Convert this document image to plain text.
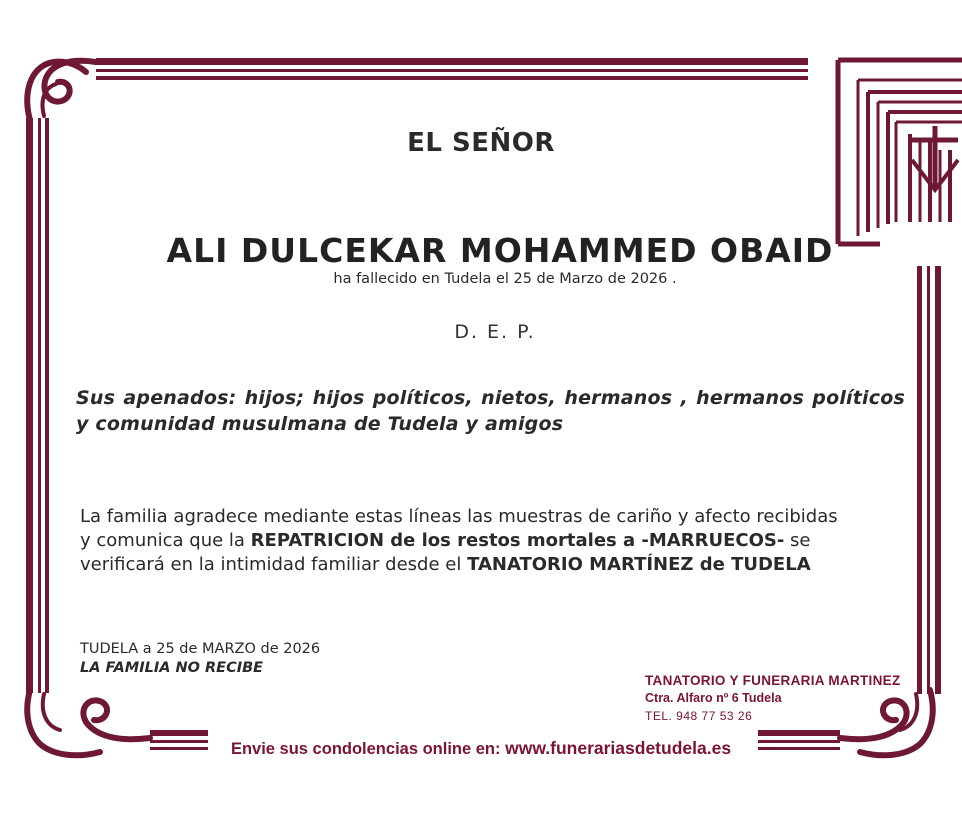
EL SEÑOR
ALI DULCEKAR MOHAMMED OBAID
ha fallecido en Tudela el 25 de Marzo de 2026 .
D. E. P.
Sus apenados: hijos; hijos políticos, nietos, hermanos , hermanos políticos y comunidad musulmana de Tudela y amigos
La familia agradece mediante estas líneas las muestras de cariño y afecto recibidas
y comunica que la REPATRICION de los restos mortales a -MARRUECOS- se
verificará en la intimidad familiar desde el TANATORIO MARTÍNEZ de TUDELA
TUDELA a 25 de MARZO de 2026
LA FAMILIA NO RECIBE
TANATORIO Y FUNERARIA MARTINEZ
Ctra. Alfaro nº 6 Tudela
TEL. 948 77 53 26
Envie sus condolencias online en: www.funerariasdetudela.es
